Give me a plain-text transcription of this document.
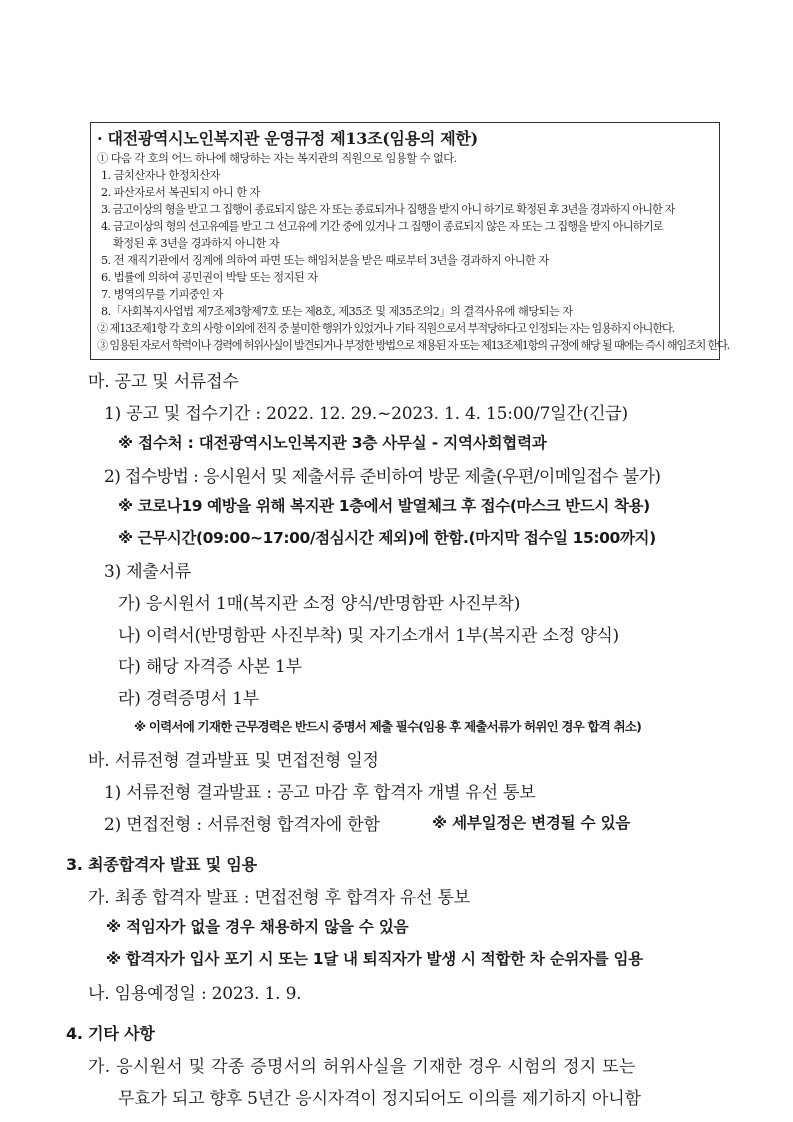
· 대전광역시노인복지관 운영규정 제13조(임용의 제한)
① 다음 각 호의 어느 하나에 해당하는 자는 복지관의 직원으로 임용할 수 없다.
1. 금치산자나 한정치산자
2. 파산자로서 복권되지 아니 한 자
3. 금고이상의 형을 받고 그 집행이 종료되지 않은 자 또는 종료되거나 집행을 받지 아니 하기로 확정된 후 3년을 경과하지 아니한 자
4. 금고이상의 형의 선고유예를 받고 그 선고유에 기간 중에 있거나 그 집행이 종료되지 않은 자 또는 그 집행을 받지 아니하기로
확정된 후 3년을 경과하지 아니한 자
5. 전 재직기관에서 징계에 의하여 파면 또는 해임처분을 받은 때로부터 3년을 경과하지 아니한 자
6. 법률에 의하여 공민권이 박탈 또는 정지된 자
7. 병역의무를 기피중인 자
8.「사회복지사업법 제7조제3항제7호 또는 제8호, 제35조 및 제35조의2」의 결격사유에 해당되는 자
② 제13조제1항 각 호의 사항 이외에 전직 중 불미한 행위가 있었거나 기타 직원으로서 부적당하다고 인정되는 자는 임용하지 아니한다.
③ 임용된 자로서 학력이나 경력에 허위사실이 발견되거나 부정한 방법으로 채용된 자 또는 제13조제1항의 규정에 해당 될 때에는 즉시 해임조치 한다.
마. 공고 및 서류접수
1) 공고 및 접수기간 : 2022. 12. 29.~2023. 1. 4. 15:00/7일간(긴급)
※ 접수처 : 대전광역시노인복지관 3층 사무실 - 지역사회협력과
2) 접수방법 : 응시원서 및 제출서류 준비하여 방문 제출(우편/이메일접수 불가)
※ 코로나19 예방을 위해 복지관 1층에서 발열체크 후 접수(마스크 반드시 착용)
※ 근무시간(09:00~17:00/점심시간 제외)에 한함.(마지막 접수일 15:00까지)
3) 제출서류
가) 응시원서 1매(복지관 소정 양식/반명함판 사진부착)
나) 이력서(반명함판 사진부착) 및 자기소개서 1부(복지관 소정 양식)
다) 해당 자격증 사본 1부
라) 경력증명서 1부
※ 이력서에 기재한 근무경력은 반드시 증명서 제출 필수(임용 후 제출서류가 허위인 경우 합격 취소)
바. 서류전형 결과발표 및 면접전형 일정
1) 서류전형 결과발표 : 공고 마감 후 합격자 개별 유선 통보
2) 면접전형 : 서류전형 합격자에 한함	※ 세부일정은 변경될 수 있음
3. 최종합격자 발표 및 임용
가. 최종 합격자 발표 : 면접전형 후 합격자 유선 통보
※ 적임자가 없을 경우 채용하지 않을 수 있음
※ 합격자가 입사 포기 시 또는 1달 내 퇴직자가 발생 시 적합한 차 순위자를 임용
나. 임용예정일 : 2023. 1. 9.
4. 기타 사항
가. 응시원서 및 각종 증명서의 허위사실을 기재한 경우 시험의 정지 또는
무효가 되고 향후 5년간 응시자격이 정지되어도 이의를 제기하지 아니함
